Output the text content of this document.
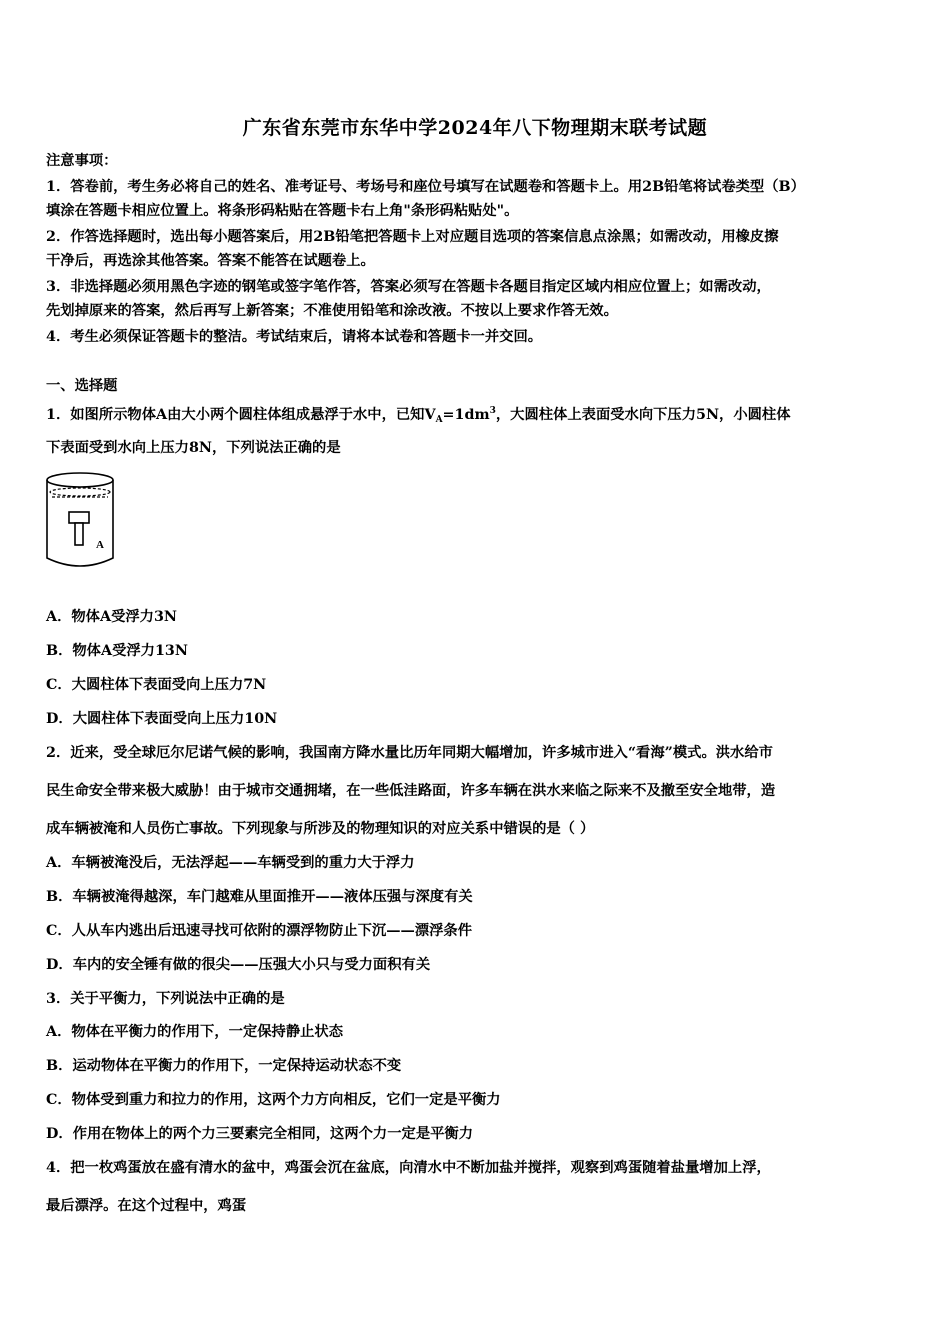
广东省东莞市东华中学2024年八下物理期末联考试题
注意事项：
1．答卷前，考生务必将自己的姓名、准考证号、考场号和座位号填写在试题卷和答题卡上。用2B铅笔将试卷类型（B）
填涂在答题卡相应位置上。将条形码粘贴在答题卡右上角"条形码粘贴处"。
2．作答选择题时，选出每小题答案后，用2B铅笔把答题卡上对应题目选项的答案信息点涂黑；如需改动，用橡皮擦
干净后，再选涂其他答案。答案不能答在试题卷上。
3．非选择题必须用黑色字迹的钢笔或签字笔作答，答案必须写在答题卡各题目指定区域内相应位置上；如需改动，
先划掉原来的答案，然后再写上新答案；不准使用铅笔和涂改液。不按以上要求作答无效。
4．考生必须保证答题卡的整洁。考试结束后，请将本试卷和答题卡一并交回。
一、选择题
1．如图所示物体A由大小两个圆柱体组成悬浮于水中，已知$V_A=1dm^3$，大圆柱体上表面受水向下压力5N，小圆柱体
下表面受到水向上压力8N，下列说法正确的是
A
A．物体A受浮力3N
B．物体A受浮力13N
C．大圆柱体下表面受向上压力7N
D．大圆柱体下表面受向上压力10N
2．近来，受全球厄尔尼诺气候的影响，我国南方降水量比历年同期大幅增加，许多城市进入“看海”模式。洪水给市
民生命安全带来极大威胁！由于城市交通拥堵，在一些低洼路面，许多车辆在洪水来临之际来不及撤至安全地带，造
成车辆被淹和人员伤亡事故。下列现象与所涉及的物理知识的对应关系中错误的是（ ）
A．车辆被淹没后，无法浮起——车辆受到的重力大于浮力
B．车辆被淹得越深，车门越难从里面推开——液体压强与深度有关
C．人从车内逃出后迅速寻找可依附的漂浮物防止下沉——漂浮条件
D．车内的安全锤有做的很尖——压强大小只与受力面积有关
3．关于平衡力，下列说法中正确的是
A．物体在平衡力的作用下，一定保持静止状态
B．运动物体在平衡力的作用下，一定保持运动状态不变
C．物体受到重力和拉力的作用，这两个力方向相反，它们一定是平衡力
D．作用在物体上的两个力三要素完全相同，这两个力一定是平衡力
4．把一枚鸡蛋放在盛有清水的盆中，鸡蛋会沉在盆底，向清水中不断加盐并搅拌，观察到鸡蛋随着盐量增加上浮，
最后漂浮。在这个过程中，鸡蛋
